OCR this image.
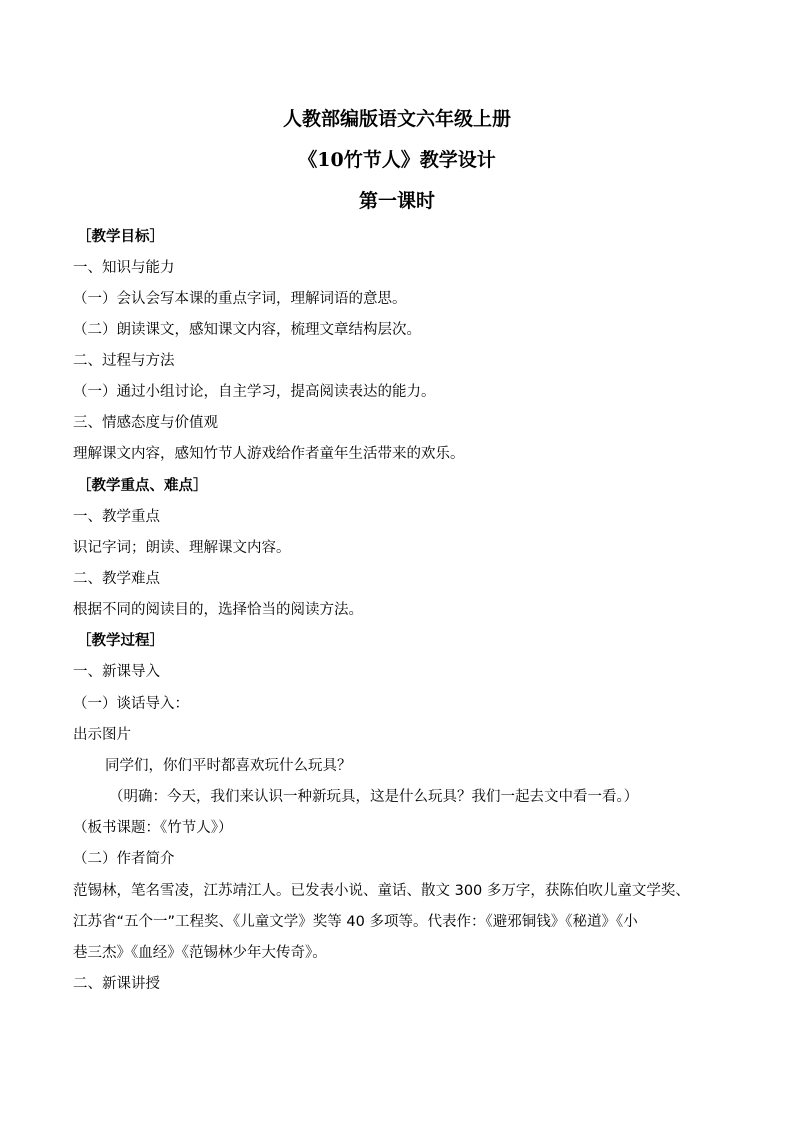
人教部编版语文六年级上册
《10竹节人》教学设计
第一课时
［教学目标］
一、知识与能力
（一）会认会写本课的重点字词，理解词语的意思。
（二）朗读课文，感知课文内容，梳理文章结构层次。
二、过程与方法
（一）通过小组讨论，自主学习，提高阅读表达的能力。
三、情感态度与价值观
理解课文内容，感知竹节人游戏给作者童年生活带来的欢乐。
［教学重点、难点］
一、教学重点
识记字词；朗读、理解课文内容。
二、教学难点
根据不同的阅读目的，选择恰当的阅读方法。
［教学过程］
一、新课导入
（一）谈话导入：
出示图片
同学们，你们平时都喜欢玩什么玩具？
（明确：今天，我们来认识一种新玩具，这是什么玩具？我们一起去文中看一看。）
（板书课题：《竹节人》）
（二）作者简介
范锡林，笔名雪凌，江苏靖江人。已发表小说、童话、散文 300 多万字，获陈伯吹儿童文学奖、
江苏省“五个一”工程奖、《儿童文学》奖等 40 多项等。代表作：《避邪铜钱》《秘道》《小
巷三杰》《血经》《范锡林少年大传奇》。
二、新课讲授
